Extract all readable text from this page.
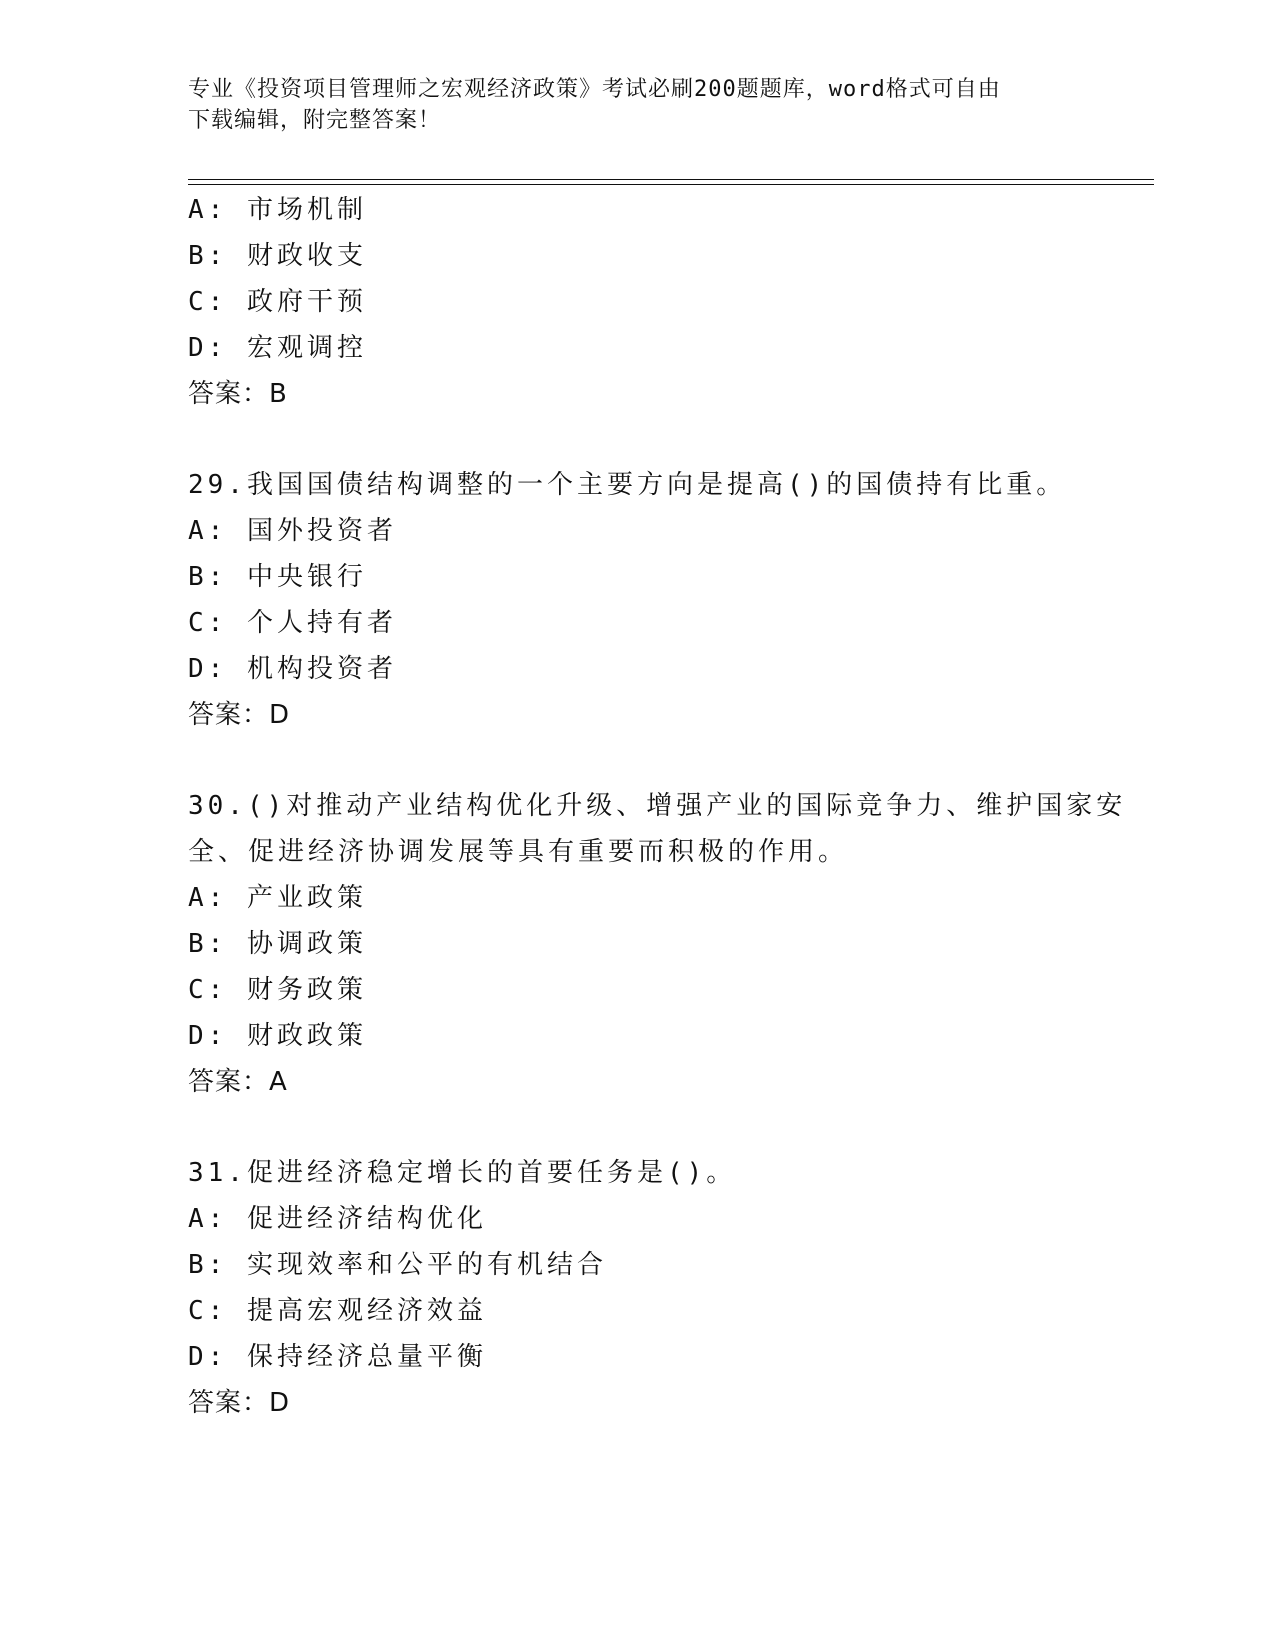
专业《投资项目管理师之宏观经济政策》考试必刷200题题库，word格式可自由
下载编辑，附完整答案！
A: 市场机制
B: 财政收支
C: 政府干预
D: 宏观调控
答案：B
29.我国国债结构调整的一个主要方向是提高()的国债持有比重。
A: 国外投资者
B: 中央银行
C: 个人持有者
D: 机构投资者
答案：D
30.()对推动产业结构优化升级、增强产业的国际竞争力、维护国家安
全、促进经济协调发展等具有重要而积极的作用。
A: 产业政策
B: 协调政策
C: 财务政策
D: 财政政策
答案：A
31.促进经济稳定增长的首要任务是()。
A: 促进经济结构优化
B: 实现效率和公平的有机结合
C: 提高宏观经济效益
D: 保持经济总量平衡
答案：D
